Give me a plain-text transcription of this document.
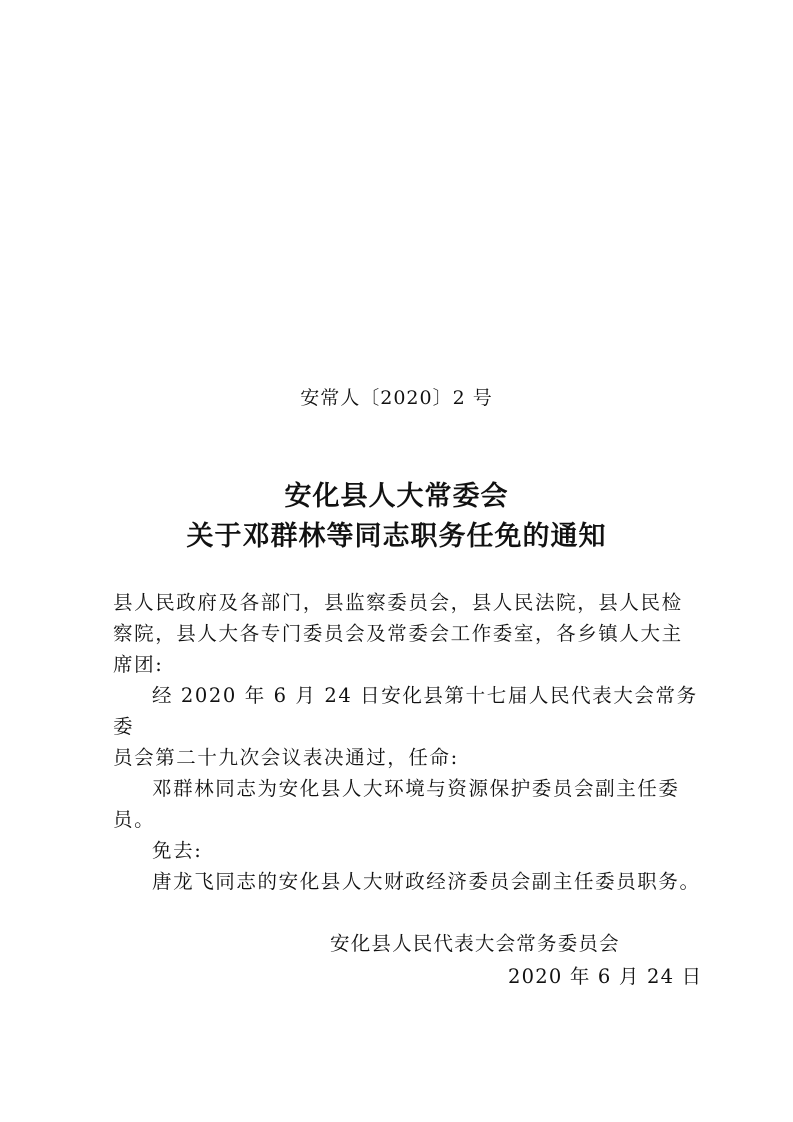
安常人〔2020〕2 号
安化县人大常委会
关于邓群林等同志职务任免的通知

县人民政府及各部门，县监察委员会，县人民法院，县人民检

察院，县人大各专门委员会及常委会工作委室，各乡镇人大主

席团:

经 2020 年 6 月 24 日安化县第十七届人民代表大会常务委

员会第二十九次会议表决通过，任命:

邓群林同志为安化县人大环境与资源保护委员会副主任委

员。

免去:

唐龙飞同志的安化县人大财政经济委员会副主任委员职务。

安化县人民代表大会常务委员会
2020 年 6 月 24 日
